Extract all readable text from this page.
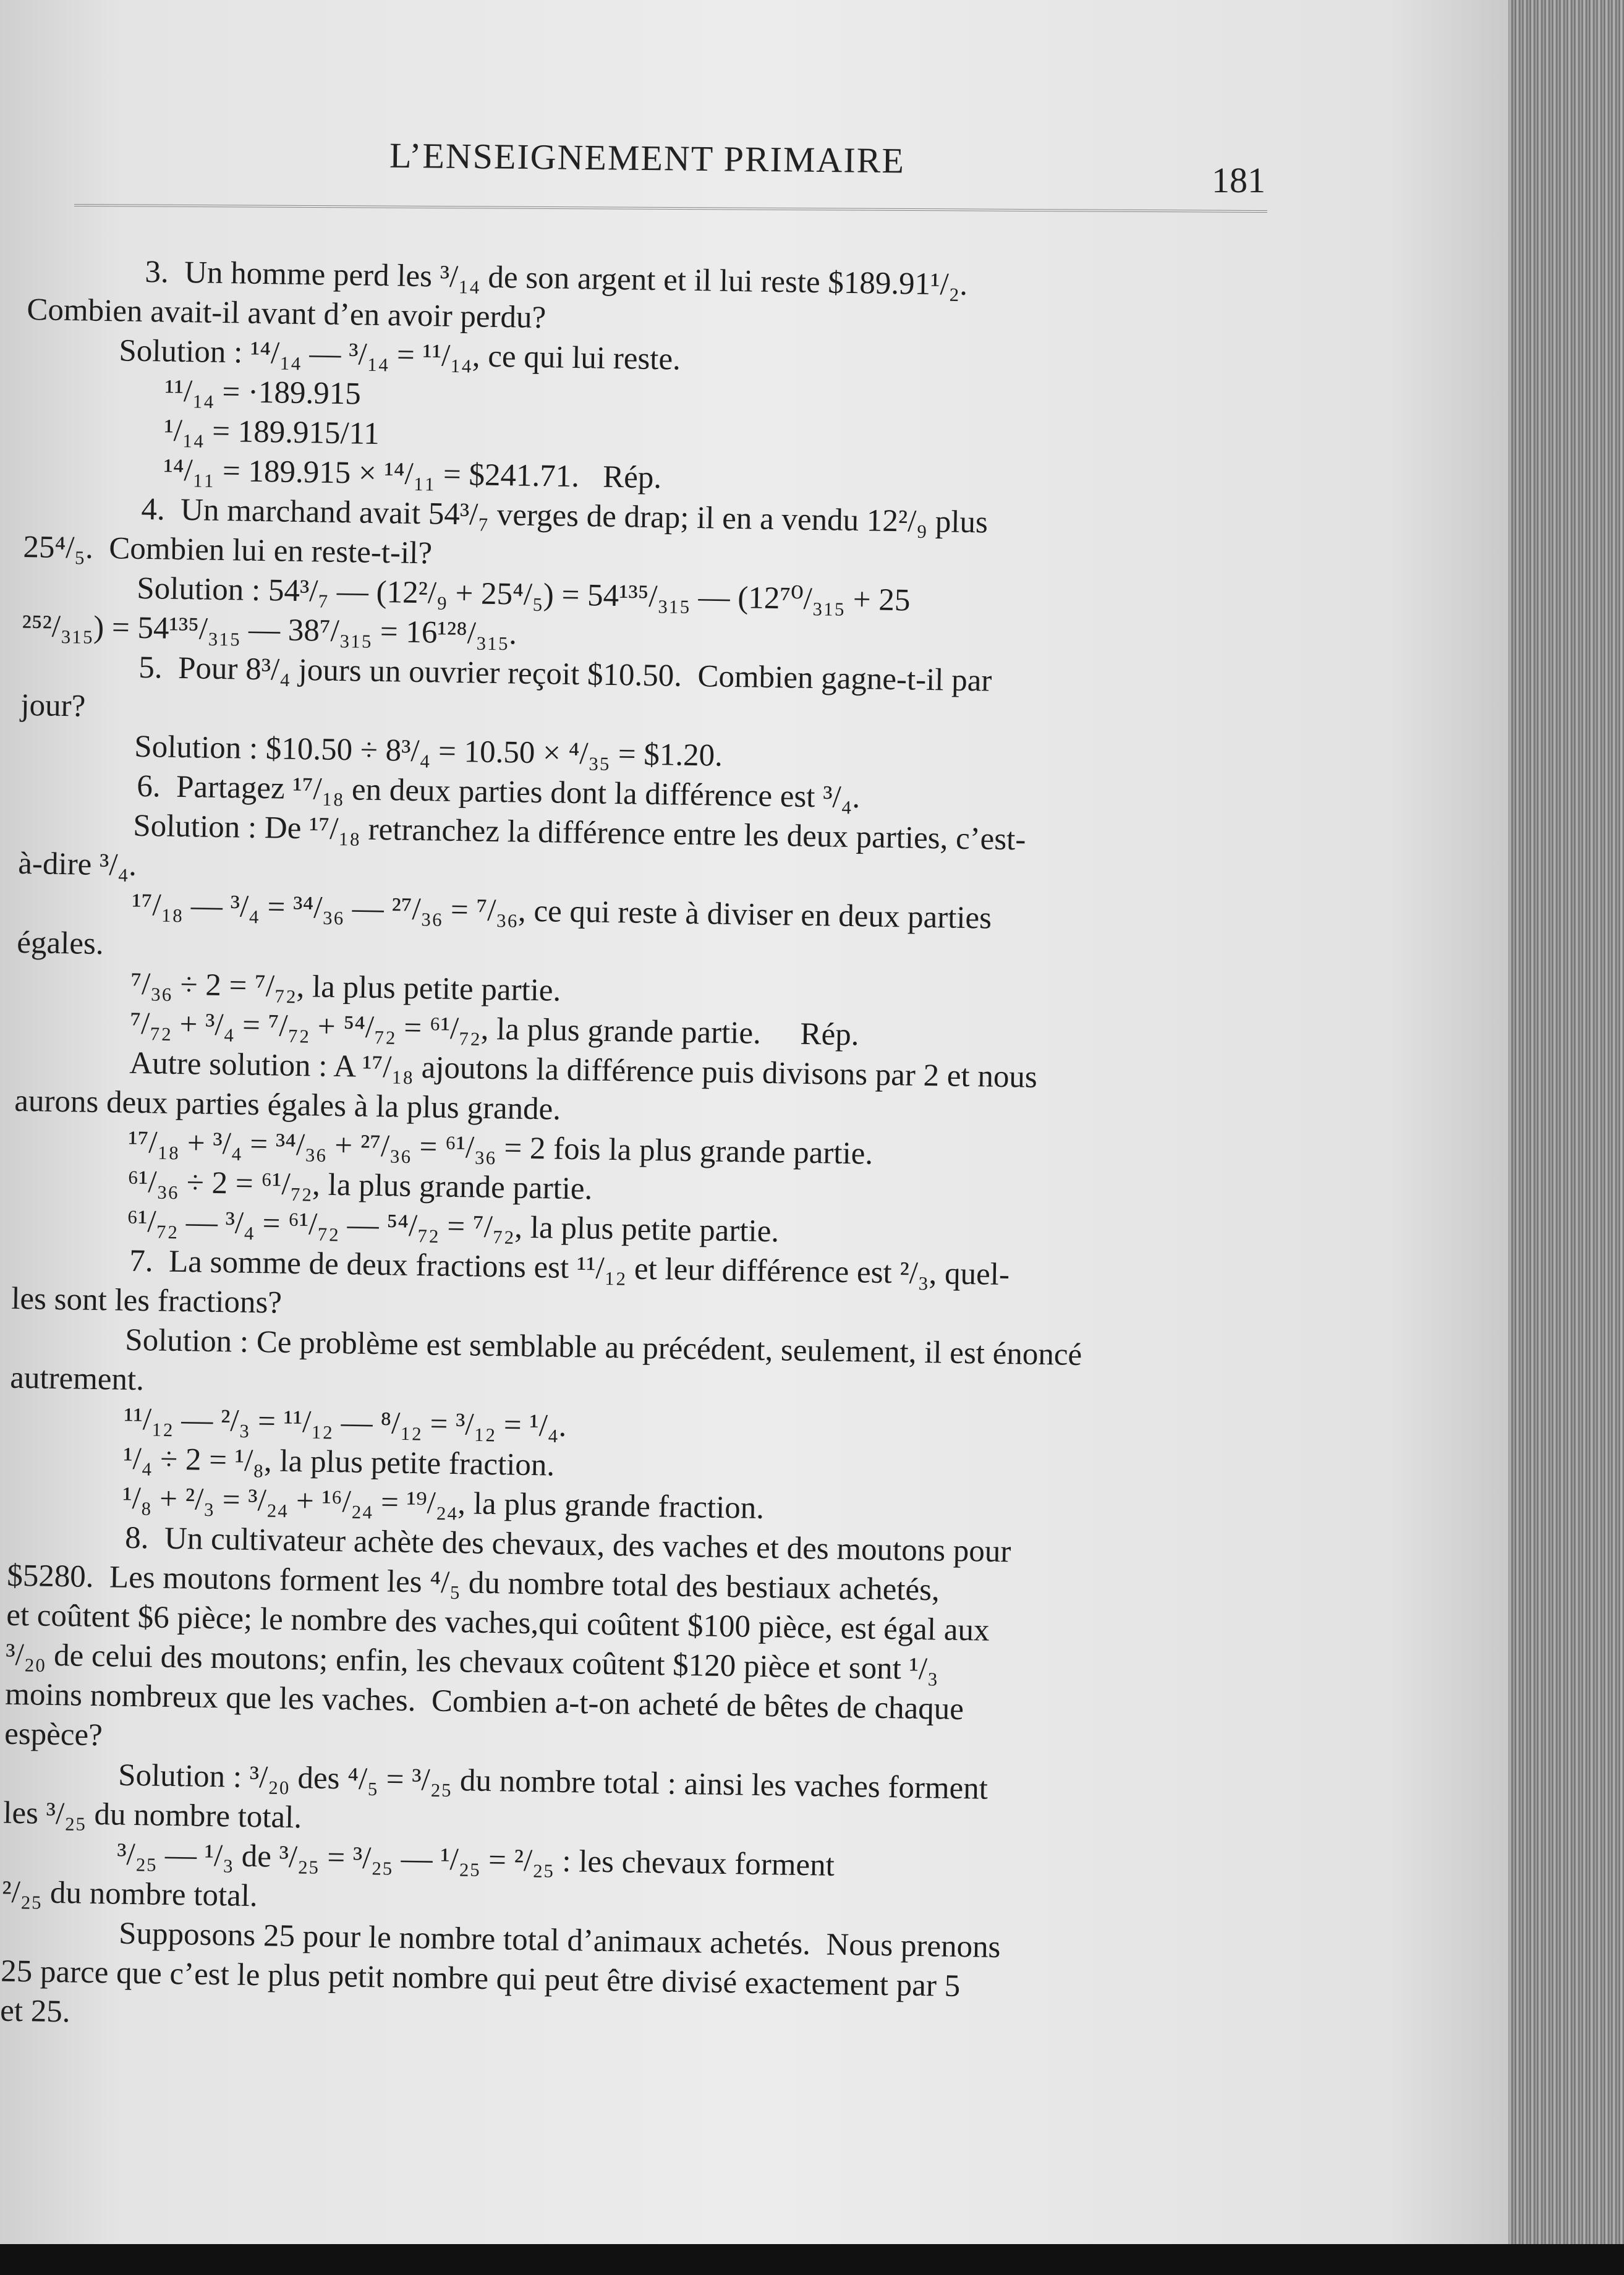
L’ENSEIGNEMENT PRIMAIRE	181
3.  Un homme perd les ³/₁₄ de son argent et il lui reste $189.91¹/₂.
Combien avait-il avant d’en avoir perdu?
Solution : ¹⁴/₁₄ — ³/₁₄ = ¹¹/₁₄, ce qui lui reste.
¹¹/₁₄ = ·189.915
¹/₁₄ = 189.915/11
¹⁴/₁₁ = 189.915 × ¹⁴/₁₁ = $241.71.   Rép.
4.  Un marchand avait 54³/₇ verges de drap; il en a vendu 12²/₉ plus
25⁴/₅.  Combien lui en reste-t-il?
Solution : 54³/₇ — (12²/₉ + 25⁴/₅) = 54¹³⁵/₃₁₅ — (12⁷⁰/₃₁₅ + 25
²⁵²/₃₁₅) = 54¹³⁵/₃₁₅ — 38⁷/₃₁₅ = 16¹²⁸/₃₁₅.
5.  Pour 8³/₄ jours un ouvrier reçoit $10.50.  Combien gagne-t-il par
jour?
Solution : $10.50 ÷ 8³/₄ = 10.50 × ⁴/₃₅ = $1.20.
6.  Partagez ¹⁷/₁₈ en deux parties dont la différence est ³/₄.
Solution : De ¹⁷/₁₈ retranchez la différence entre les deux parties, c’est-
à-dire ³/₄.
¹⁷/₁₈ — ³/₄ = ³⁴/₃₆ — ²⁷/₃₆ = ⁷/₃₆, ce qui reste à diviser en deux parties
égales.
⁷/₃₆ ÷ 2 = ⁷/₇₂, la plus petite partie.
⁷/₇₂ + ³/₄ = ⁷/₇₂ + ⁵⁴/₇₂ = ⁶¹/₇₂, la plus grande partie.     Rép.
Autre solution : A ¹⁷/₁₈ ajoutons la différence puis divisons par 2 et nous
aurons deux parties égales à la plus grande.
¹⁷/₁₈ + ³/₄ = ³⁴/₃₆ + ²⁷/₃₆ = ⁶¹/₃₆ = 2 fois la plus grande partie.
⁶¹/₃₆ ÷ 2 = ⁶¹/₇₂, la plus grande partie.
⁶¹/₇₂ — ³/₄ = ⁶¹/₇₂ — ⁵⁴/₇₂ = ⁷/₇₂, la plus petite partie.
7.  La somme de deux fractions est ¹¹/₁₂ et leur différence est ²/₃, quel-
les sont les fractions?
Solution : Ce problème est semblable au précédent, seulement, il est énoncé
autrement.
¹¹/₁₂ — ²/₃ = ¹¹/₁₂ — ⁸/₁₂ = ³/₁₂ = ¹/₄.
¹/₄ ÷ 2 = ¹/₈, la plus petite fraction.
¹/₈ + ²/₃ = ³/₂₄ + ¹⁶/₂₄ = ¹⁹/₂₄, la plus grande fraction.
8.  Un cultivateur achète des chevaux, des vaches et des moutons pour
$5280.  Les moutons forment les ⁴/₅ du nombre total des bestiaux achetés,
et coûtent $6 pièce; le nombre des vaches,qui coûtent $100 pièce, est égal aux
³/₂₀ de celui des moutons; enfin, les chevaux coûtent $120 pièce et sont ¹/₃
moins nombreux que les vaches.  Combien a-t-on acheté de bêtes de chaque
espèce?
Solution : ³/₂₀ des ⁴/₅ = ³/₂₅ du nombre total : ainsi les vaches forment
les ³/₂₅ du nombre total.
³/₂₅ — ¹/₃ de ³/₂₅ = ³/₂₅ — ¹/₂₅ = ²/₂₅ : les chevaux forment
²/₂₅ du nombre total.
Supposons 25 pour le nombre total d’animaux achetés.  Nous prenons
25 parce que c’est le plus petit nombre qui peut être divisé exactement par 5
et 25.
